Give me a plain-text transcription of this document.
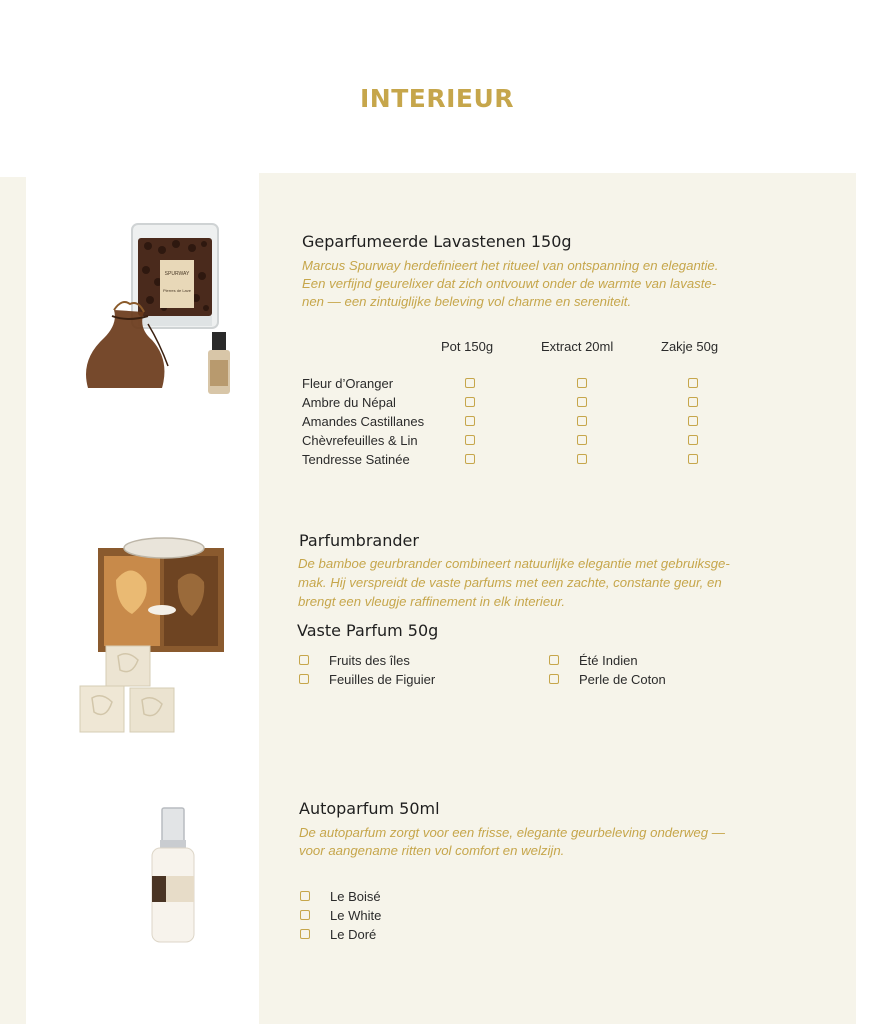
INTERIEUR
SPURWAY
Pierres de Lave
Geparfumeerde Lavastenen 150g
Marcus Spurway herdefinieert het ritueel van ontspanning en elegantie.
Een verfijnd geurelixer dat zich ontvouwt onder de warmte van lavaste-
nen — een zintuiglijke beleving vol charme en sereniteit.
Pot 150g	Extract 20ml	Zakje 50g
Fleur d’Oranger
Ambre du Népal
Amandes Castillanes
Chèvrefeuilles & Lin
Tendresse Satinée
Parfumbrander
De bamboe geurbrander combineert natuurlijke elegantie met gebruiksge-
mak. Hij verspreidt de vaste parfums met een zachte, constante geur, en
brengt een vleugje raffinement in elk interieur.
Vaste Parfum 50g
Fruits des îles
Feuilles de Figuier
Été Indien
Perle de Coton
Autoparfum 50ml
De autoparfum zorgt voor een frisse, elegante geurbeleving onderweg —
voor aangename ritten vol comfort en welzijn.
Le Boisé
Le White
Le Doré
